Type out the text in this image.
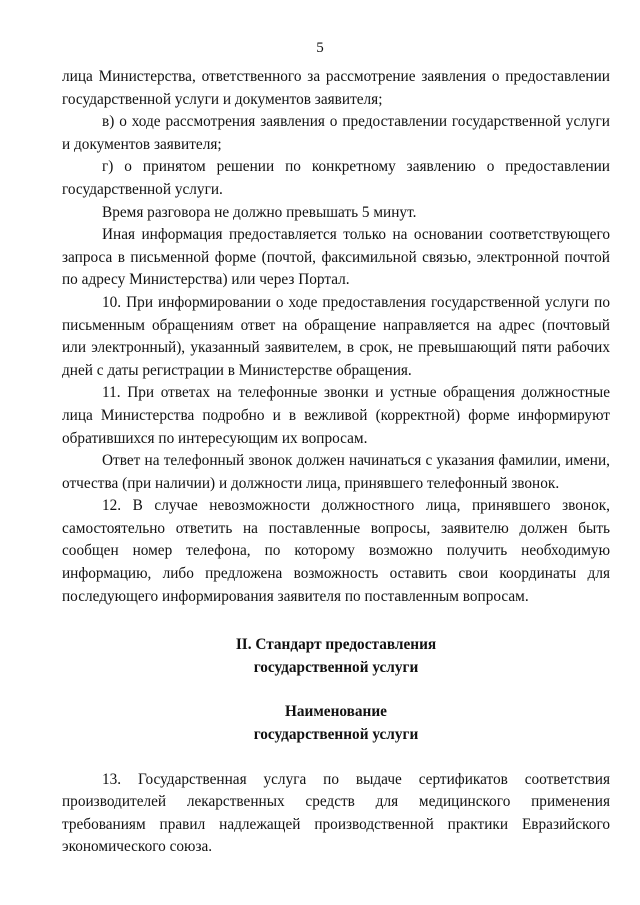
5

лица Министерства, ответственного за рассмотрение заявления о предоставлении государственной услуги и документов заявителя;

в) о ходе рассмотрения заявления о предоставлении государственной услуги и документов заявителя;

г) о принятом решении по конкретному заявлению о предоставлении государственной услуги.

Время разговора не должно превышать 5 минут.

Иная информация предоставляется только на основании соответствующего запроса в письменной форме (почтой, факсимильной связью, электронной почтой по адресу Министерства) или через Портал.

10. При информировании о ходе предоставления государственной услуги по письменным обращениям ответ на обращение направляется на адрес (почтовый или электронный), указанный заявителем, в срок, не превышающий пяти рабочих дней с даты регистрации в Министерстве обращения.

11. При ответах на телефонные звонки и устные обращения должностные лица Министерства подробно и в вежливой (корректной) форме информируют обратившихся по интересующим их вопросам.

Ответ на телефонный звонок должен начинаться с указания фамилии, имени, отчества (при наличии) и должности лица, принявшего телефонный звонок.

12. В случае невозможности должностного лица, принявшего звонок, самостоятельно ответить на поставленные вопросы, заявителю должен быть сообщен номер телефона, по которому возможно получить необходимую информацию, либо предложена возможность оставить свои координаты для последующего информирования заявителя по поставленным вопросам.

II. Стандарт предоставления
государственной услуги
Наименование
государственной услуги

13. Государственная услуга по выдаче сертификатов соответствия производителей лекарственных средств для медицинского применения требованиям правил надлежащей производственной практики Евразийского экономического союза.
